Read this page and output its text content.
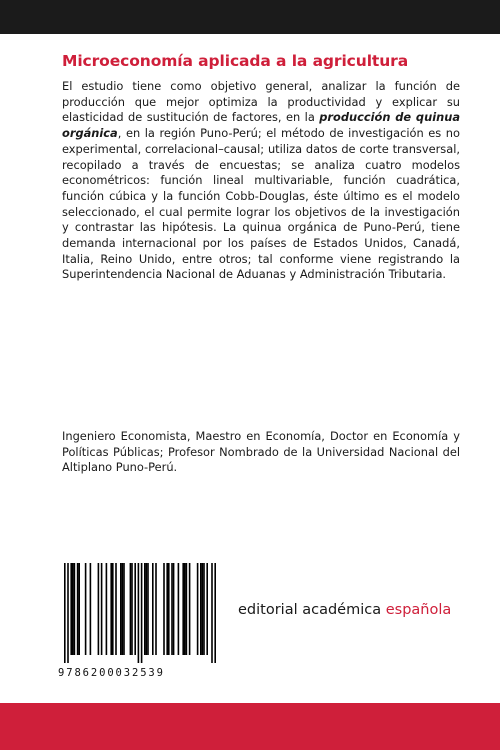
Microeconomía aplicada a la agricultura

El estudio tiene como objetivo general, analizar la función de producción que mejor optimiza la productividad y explicar su elasticidad de sustitución de factores, en la producción de quinua orgánica, en la región Puno-Perú; el método de investigación es no experimental, correlacional–causal; utiliza datos de corte transversal, recopilado a través de encuestas; se analiza cuatro modelos econométricos: función lineal multivariable, función cuadrática, función cúbica y la función Cobb-Douglas, éste último es el modelo seleccionado, el cual permite lograr los objetivos de la investigación y contrastar las hipótesis. La quinua orgánica de Puno-Perú, tiene demanda internacional por los países de Estados Unidos, Canadá, Italia, Reino Unido, entre otros; tal conforme viene registrando la Superintendencia Nacional de Aduanas y Administración Tributaria.

Ingeniero Economista, Maestro en Economía, Doctor en Economía y Políticas Públicas; Profesor Nombrado de la Universidad Nacional del Altiplano Puno-Perú.

9786200032539
editorial académica española
